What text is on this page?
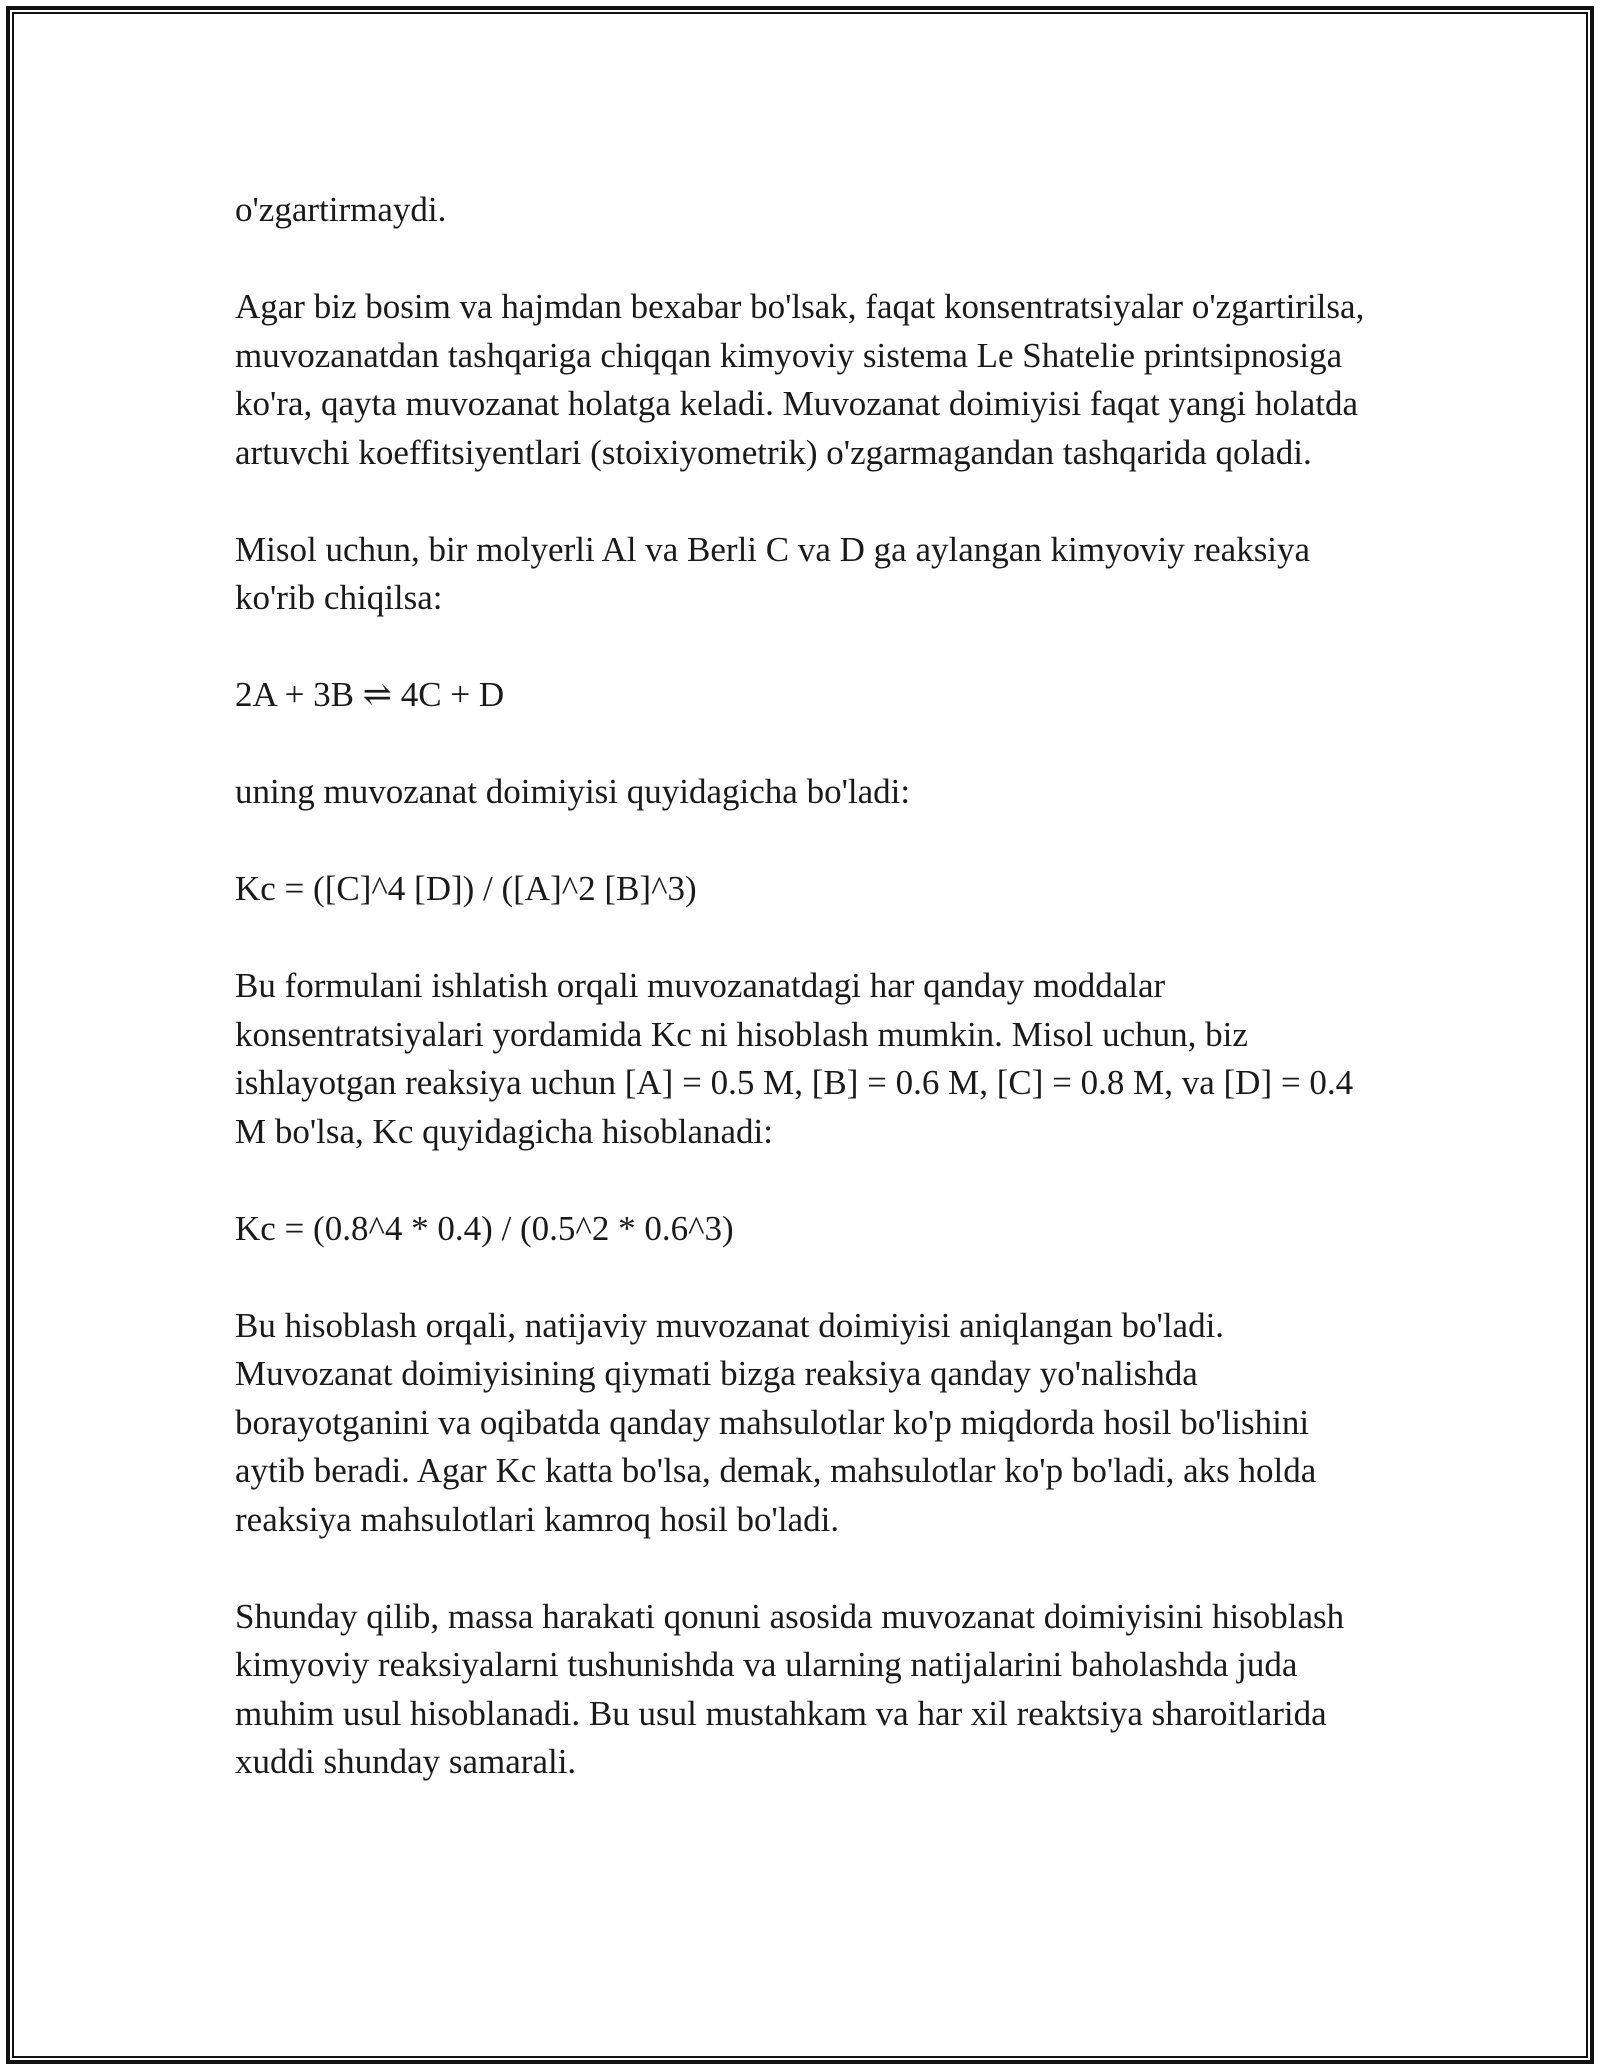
o'zgartirmaydi.

Agar biz bosim va hajmdan bexabar bo'lsak, faqat konsentratsiyalar o'zgartirilsa, muvozanatdan tashqariga chiqqan kimyoviy sistema Le Shatelie printsipnosiga ko'ra, qayta muvozanat holatga keladi. Muvozanat doimiyisi faqat yangi holatda artuvchi koeffitsiyentlari (stoixiyometrik) o'zgarmagandan tashqarida qoladi.

Misol uchun, bir molyerli Al va Berli C va D ga aylangan kimyoviy reaksiya ko'rib chiqilsa:

2A + 3B ⇌ 4C + D

uning muvozanat doimiyisi quyidagicha bo'ladi:

Kc = ([C]^4 [D]) / ([A]^2 [B]^3)

Bu formulani ishlatish orqali muvozanatdagi har qanday moddalar konsentratsiyalari yordamida Kc ni hisoblash mumkin. Misol uchun, biz ishlayotgan reaksiya uchun [A] = 0.5 M, [B] = 0.6 M, [C] = 0.8 M, va [D] = 0.4 M bo'lsa, Kc quyidagicha hisoblanadi:

Kc = (0.8^4 * 0.4) / (0.5^2 * 0.6^3)

Bu hisoblash orqali, natijaviy muvozanat doimiyisi aniqlangan bo'ladi. Muvozanat doimiyisining qiymati bizga reaksiya qanday yo'nalishda borayotganini va oqibatda qanday mahsulotlar ko'p miqdorda hosil bo'lishini aytib beradi. Agar Kc katta bo'lsa, demak, mahsulotlar ko'p bo'ladi, aks holda reaksiya mahsulotlari kamroq hosil bo'ladi.

Shunday qilib, massa harakati qonuni asosida muvozanat doimiyisini hisoblash kimyoviy reaksiyalarni tushunishda va ularning natijalarini baholashda juda muhim usul hisoblanadi. Bu usul mustahkam va har xil reaktsiya sharoitlarida xuddi shunday samarali.
